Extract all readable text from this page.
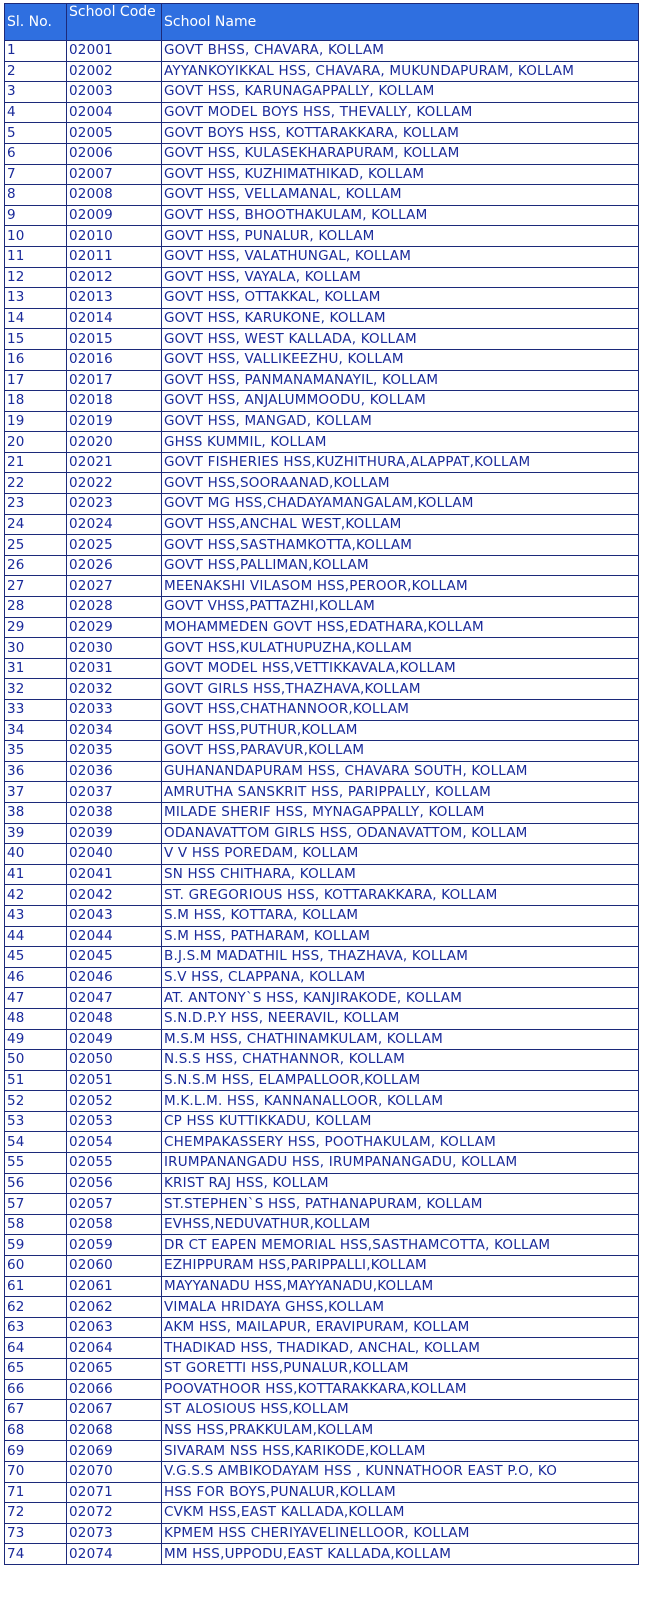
Sl. No.	School Code	School Name
1	02001	GOVT BHSS, CHAVARA, KOLLAM
2	02002	AYYANKOYIKKAL HSS, CHAVARA, MUKUNDAPURAM, KOLLAM
3	02003	GOVT HSS, KARUNAGAPPALLY, KOLLAM
4	02004	GOVT MODEL BOYS HSS, THEVALLY, KOLLAM
5	02005	GOVT BOYS HSS, KOTTARAKKARA, KOLLAM
6	02006	GOVT HSS, KULASEKHARAPURAM, KOLLAM
7	02007	GOVT HSS, KUZHIMATHIKAD, KOLLAM
8	02008	GOVT HSS, VELLAMANAL, KOLLAM
9	02009	GOVT HSS, BHOOTHAKULAM, KOLLAM
10	02010	GOVT HSS, PUNALUR, KOLLAM
11	02011	GOVT HSS, VALATHUNGAL, KOLLAM
12	02012	GOVT HSS, VAYALA, KOLLAM
13	02013	GOVT HSS, OTTAKKAL, KOLLAM
14	02014	GOVT HSS, KARUKONE, KOLLAM
15	02015	GOVT HSS, WEST KALLADA, KOLLAM
16	02016	GOVT HSS, VALLIKEEZHU, KOLLAM
17	02017	GOVT HSS, PANMANAMANAYIL, KOLLAM
18	02018	GOVT HSS, ANJALUMMOODU, KOLLAM
19	02019	GOVT HSS, MANGAD, KOLLAM
20	02020	GHSS KUMMIL, KOLLAM
21	02021	GOVT FISHERIES HSS,KUZHITHURA,ALAPPAT,KOLLAM
22	02022	GOVT HSS,SOORAANAD,KOLLAM
23	02023	GOVT MG HSS,CHADAYAMANGALAM,KOLLAM
24	02024	GOVT HSS,ANCHAL WEST,KOLLAM
25	02025	GOVT HSS,SASTHAMKOTTA,KOLLAM
26	02026	GOVT HSS,PALLIMAN,KOLLAM
27	02027	MEENAKSHI VILASOM HSS,PEROOR,KOLLAM
28	02028	GOVT VHSS,PATTAZHI,KOLLAM
29	02029	MOHAMMEDEN GOVT HSS,EDATHARA,KOLLAM
30	02030	GOVT HSS,KULATHUPUZHA,KOLLAM
31	02031	GOVT MODEL HSS,VETTIKKAVALA,KOLLAM
32	02032	GOVT GIRLS HSS,THAZHAVA,KOLLAM
33	02033	GOVT HSS,CHATHANNOOR,KOLLAM
34	02034	GOVT HSS,PUTHUR,KOLLAM
35	02035	GOVT HSS,PARAVUR,KOLLAM
36	02036	GUHANANDAPURAM HSS, CHAVARA SOUTH, KOLLAM
37	02037	AMRUTHA SANSKRIT HSS, PARIPPALLY, KOLLAM
38	02038	MILADE SHERIF HSS, MYNAGAPPALLY, KOLLAM
39	02039	ODANAVATTOM GIRLS HSS, ODANAVATTOM, KOLLAM
40	02040	V V HSS POREDAM, KOLLAM
41	02041	SN HSS CHITHARA, KOLLAM
42	02042	ST. GREGORIOUS HSS, KOTTARAKKARA, KOLLAM
43	02043	S.M HSS, KOTTARA, KOLLAM
44	02044	S.M HSS, PATHARAM, KOLLAM
45	02045	B.J.S.M MADATHIL HSS, THAZHAVA, KOLLAM
46	02046	S.V HSS, CLAPPANA, KOLLAM
47	02047	AT. ANTONY`S HSS, KANJIRAKODE, KOLLAM
48	02048	S.N.D.P.Y HSS, NEERAVIL, KOLLAM
49	02049	M.S.M HSS, CHATHINAMKULAM, KOLLAM
50	02050	N.S.S HSS, CHATHANNOR, KOLLAM
51	02051	S.N.S.M HSS, ELAMPALLOOR,KOLLAM
52	02052	M.K.L.M. HSS, KANNANALLOOR, KOLLAM
53	02053	CP HSS KUTTIKKADU, KOLLAM
54	02054	CHEMPAKASSERY HSS, POOTHAKULAM, KOLLAM
55	02055	IRUMPANANGADU HSS, IRUMPANANGADU, KOLLAM
56	02056	KRIST RAJ HSS, KOLLAM
57	02057	ST.STEPHEN`S HSS, PATHANAPURAM, KOLLAM
58	02058	EVHSS,NEDUVATHUR,KOLLAM
59	02059	DR CT EAPEN MEMORIAL HSS,SASTHAMCOTTA, KOLLAM
60	02060	EZHIPPURAM HSS,PARIPPALLI,KOLLAM
61	02061	MAYYANADU HSS,MAYYANADU,KOLLAM
62	02062	VIMALA HRIDAYA GHSS,KOLLAM
63	02063	AKM HSS, MAILAPUR, ERAVIPURAM, KOLLAM
64	02064	THADIKAD HSS, THADIKAD, ANCHAL, KOLLAM
65	02065	ST GORETTI HSS,PUNALUR,KOLLAM
66	02066	POOVATHOOR HSS,KOTTARAKKARA,KOLLAM
67	02067	ST ALOSIOUS HSS,KOLLAM
68	02068	NSS HSS,PRAKKULAM,KOLLAM
69	02069	SIVARAM NSS HSS,KARIKODE,KOLLAM
70	02070	V.G.S.S AMBIKODAYAM HSS , KUNNATHOOR EAST P.O, KO
71	02071	HSS FOR BOYS,PUNALUR,KOLLAM
72	02072	CVKM HSS,EAST KALLADA,KOLLAM
73	02073	KPMEM HSS CHERIYAVELINELLOOR, KOLLAM
74	02074	MM HSS,UPPODU,EAST KALLADA,KOLLAM
